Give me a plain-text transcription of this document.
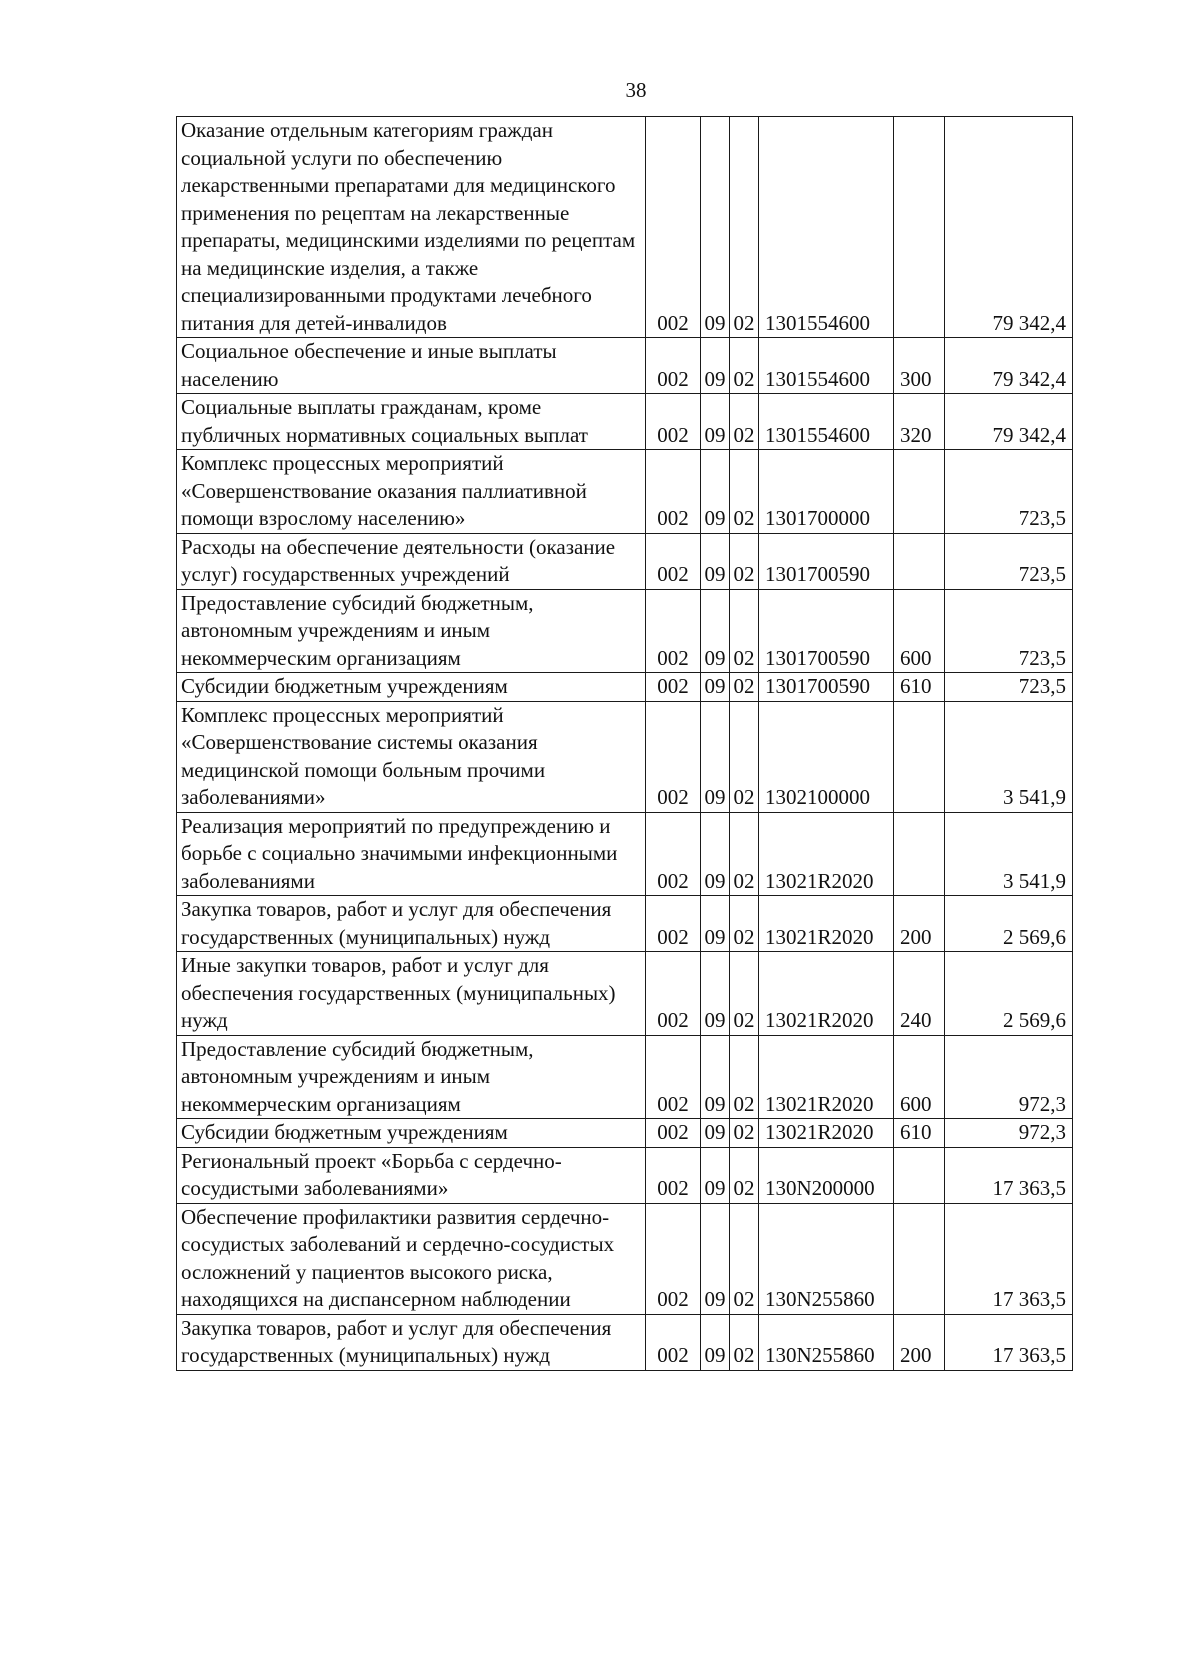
38
Оказание отдельным категориям граждан социальной услуги по обеспечению лекарственными препаратами для медицинского применения по рецептам на лекарственные препараты, медицинскими изделиями по рецептам на медицинские изделия, а также специализированными продуктами лечебного питания для детей-инвалидов	002	09	02	1301554600		79 342,4
Социальное обеспечение и иные выплаты населению	002	09	02	1301554600	300	79 342,4
Социальные выплаты гражданам, кроме публичных нормативных социальных выплат	002	09	02	1301554600	320	79 342,4
Комплекс процессных мероприятий «Совершенствование оказания паллиативной помощи взрослому населению»	002	09	02	1301700000		723,5
Расходы на обеспечение деятельности (оказание услуг) государственных учреждений	002	09	02	1301700590		723,5
Предоставление субсидий бюджетным, автономным учреждениям и иным некоммерческим организациям	002	09	02	1301700590	600	723,5
Субсидии бюджетным учреждениям	002	09	02	1301700590	610	723,5
Комплекс процессных мероприятий «Совершенствование системы оказания медицинской помощи больным прочими заболеваниями»	002	09	02	1302100000		3 541,9
Реализация мероприятий по предупреждению и борьбе с социально значимыми инфекционными заболеваниями	002	09	02	13021R2020		3 541,9
Закупка товаров, работ и услуг для обеспечения государственных (муниципальных) нужд	002	09	02	13021R2020	200	2 569,6
Иные закупки товаров, работ и услуг для обеспечения государственных (муниципальных) нужд	002	09	02	13021R2020	240	2 569,6
Предоставление субсидий бюджетным, автономным учреждениям и иным некоммерческим организациям	002	09	02	13021R2020	600	972,3
Субсидии бюджетным учреждениям	002	09	02	13021R2020	610	972,3
Региональный проект «Борьба с сердечно-сосудистыми заболеваниями»	002	09	02	130N200000		17 363,5
Обеспечение профилактики развития сердечно-сосудистых заболеваний и сердечно-сосудистых осложнений у пациентов высокого риска, находящихся на диспансерном наблюдении	002	09	02	130N255860		17 363,5
Закупка товаров, работ и услуг для обеспечения государственных (муниципальных) нужд	002	09	02	130N255860	200	17 363,5
